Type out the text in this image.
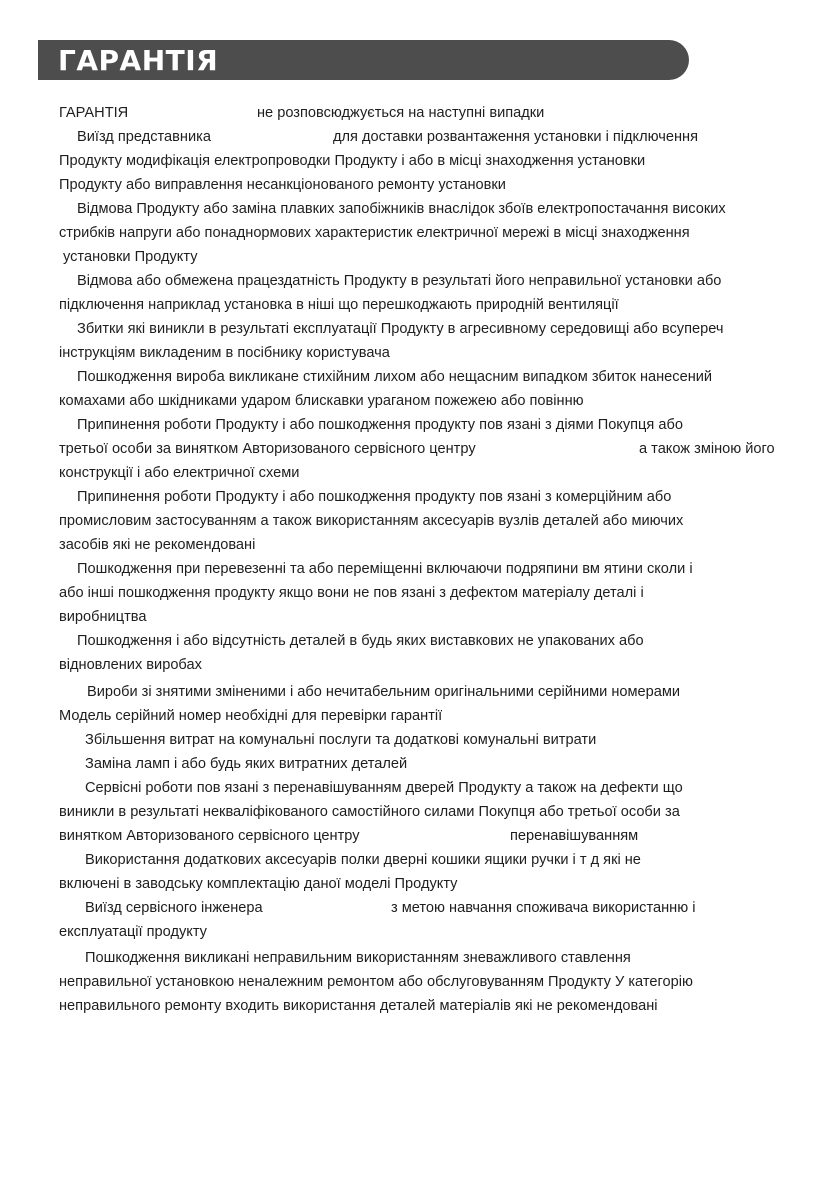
ГАРАНТІЯ
ГАРАНТІЯ	не розповсюджується на наступні випадки
Виїзд представника	для доставки розвантаження установки і підключення
Продукту модифікація електропроводки Продукту і або в місці знаходження установки
Продукту або виправлення несанкціонованого ремонту установки
Відмова Продукту або заміна плавких запобіжників внаслідок збоїв електропостачання високих
стрибків напруги або понаднормових характеристик електричної мережі в місці знаходження
установки Продукту
Відмова або обмежена працездатність Продукту в результаті його неправильної установки або
підключення наприклад установка в ніші що перешкоджають природній вентиляції
Збитки які виникли в результаті експлуатації Продукту в агресивному середовищі або всупереч
інструкціям викладеним в посібнику користувача
Пошкодження виробa викликане стихійним лихом або нещасним випадком збиток нанесений
комахами або шкідниками ударом блискавки ураганом пожежею або повінню
Припинення роботи Продукту і або пошкодження продукту пов язані з діями Покупця або
третьої особи за винятком Авторизованого сервісного центру	а також зміною його
конструкції і або електричної схеми
Припинення роботи Продукту і або пошкодження продукту пов язані з комерційним або
промисловим застосуванням а також використанням аксесуарів вузлів деталей або миючих
засобів які не рекомендовані
Пошкодження при перевезенні та або переміщенні включаючи подряпини вм ятини сколи і
або інші пошкодження продукту якщо вони не пов язані з дефектом матеріалу деталі і
виробництва
Пошкодження і або відсутність деталей в будь яких виставкових не упакованих або
відновлених виробах
Вироби зі знятими зміненими і або нечитабельним оригінальними серійними номерами
Модель серійний номер необхідні для перевірки гарантії
Збільшення витрат на комунальні послуги та додаткові комунальні витрати
Заміна ламп і або будь яких витратних деталей
Сервісні роботи пов язані з перенавішуванням дверей Продукту а також на дефекти що
виникли в результаті некваліфікованого самостійного силами Покупця або третьої особи за
винятком Авторизованого сервісного центру	перенавішуванням
Використання додаткових аксесуарів полки дверні кошики ящики ручки і т д які не
включені в заводську комплектацію даної моделі Продукту
Виїзд сервісного інженера	з метою навчання споживача використанню і
експлуатації продукту
Пошкодження викликані неправильним використанням зневажливого ставлення
неправильної установкою неналежним ремонтом або обслуговуванням Продукту У категорію
неправильного ремонту входить використання деталей матеріалів які не рекомендовані
